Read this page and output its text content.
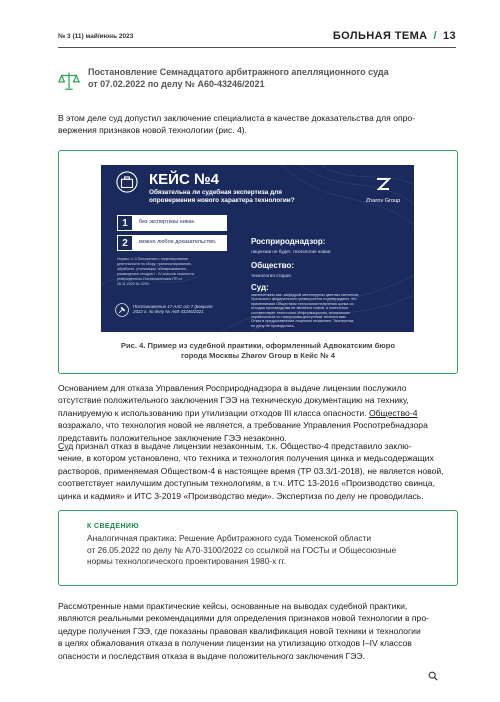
№ 3 (11) май/июнь 2023	БОЛЬНАЯ ТЕМА / 13
Постановление Семнадцатого арбитражного апелляционного суда
от 07.02.2022 по делу № А60-43246/2021
В этом деле суд допустил заключение специалиста в качестве доказательства для опро-
вержения признаков новой технологии (рис. 4).
КЕЙС №4
Обязательна ли судебная экспертиза для
опровержения нового характера технологии?	Zharov Group
1	без экспертизы никак.
2	можно любое доказательство.
Нормы: п. 3 Положения о лицензировании
деятельности по сбору, транспортированию,
обработке, утилизации, обезвреживанию,
размещению отходов I - IV классов опасности,
утвержденного Постановлением ПП от
26.11.2020 № 2290.
Постановление 17 ААС от 7 февраля
2022 г. по делу № А60-43246/2021
Росприроднадзор:
лицензии не будет, технология новая.
Общество:
технология старая.
Суд:
заключением зав. кафедрой металлургии цветных металлов
Уральского федерального университета подтверждено, что
применяемая Обществом технология получения цинка из
отходов производства не является новой, а полностью
соответствует технологии Информационно-технических
справочников по наилучшим доступным технологиям.
Отказ в предоставлении лицензии незаконен. Экспертиза
по делу не проводилась.
Рис. 4. Пример из судебной практики, оформленный Адвокатским бюро
города Москвы Zharov Group в Кейс № 4
Основанием для отказа Управления Росприроднадзора в выдаче лицензии послужило
отсутствие положительного заключения ГЭЭ на техническую документацию на технику,
планируемую к использованию при утилизации отходов III класса опасности. Общество-4
возражало, что технология новой не является, а требование Управления Роспотребнадзора
представить положительное заключение ГЭЭ незаконно.
Суд признал отказ в выдаче лицензии незаконным, т.к. Общество-4 представило заклю-
чение, в котором установлено, что техника и технология получения цинка и медьсодержащих
растворов, применяемая Обществом-4 в настоящее время (ТР 03.3/1-2018), не является новой,
соответствует наилучшим доступным технологиям, в т.ч. ИТС 13-2016 «Производство свинца,
цинка и кадмия» и ИТС 3-2019 «Производство меди». Экспертиза по делу не проводилась.
К СВЕДЕНИЮ
Аналогичная практика: Решение Арбитражного суда Тюменской области
от 26.05.2022 по делу № А70-3100/2022 со ссылкой на ГОСТы и Общесоюзные
нормы технологического проектирования 1980-х гг.
Рассмотренные нами практические кейсы, основанные на выводах судебной практики,
являются реальными рекомендациями для определения признаков новой технологии в про-
цедуре получения ГЭЭ, где показаны правовая квалификация новой техники и технологии
в целях обжалования отказа в получении лицензии на утилизацию отходов I–IV классов
опасности и последствия отказа в выдаче положительного заключения ГЭЭ.
